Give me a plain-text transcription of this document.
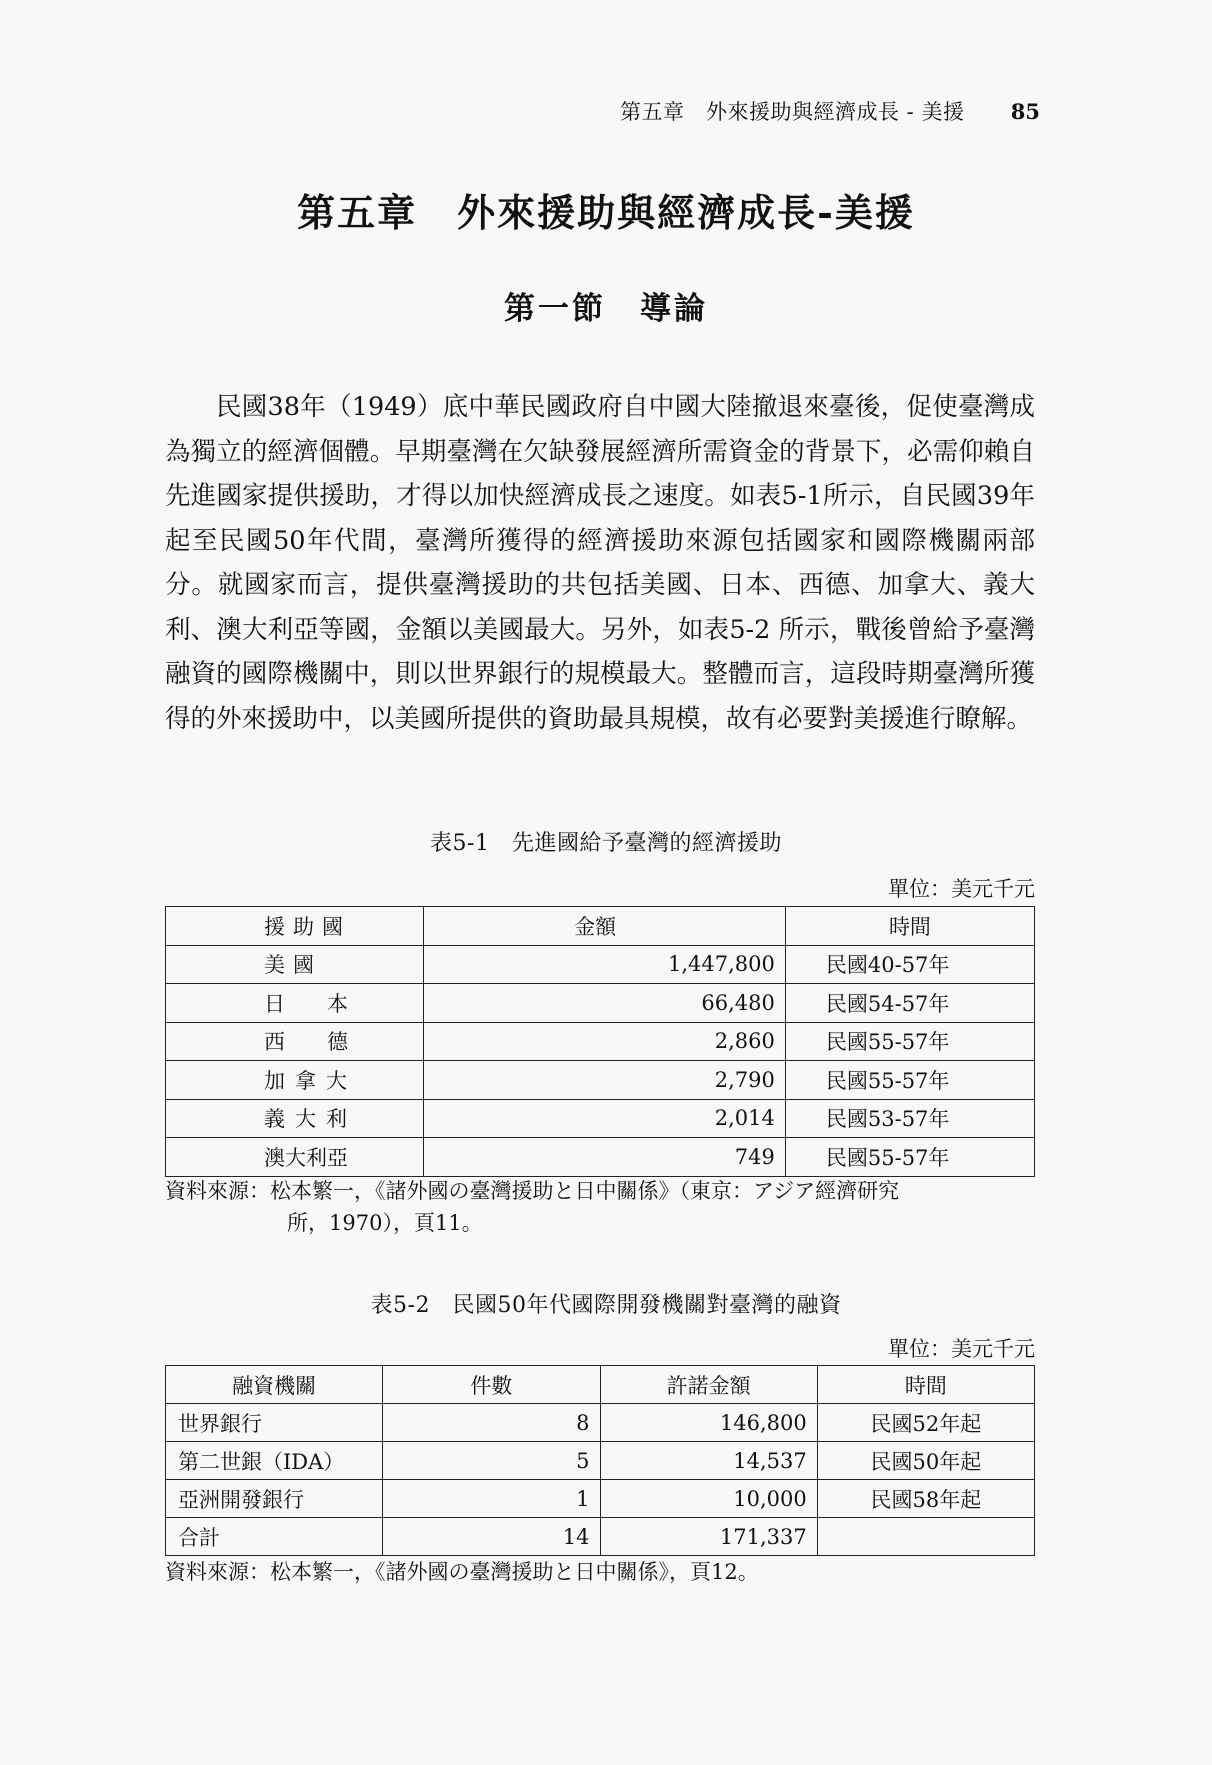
第五章　外來援助與經濟成長 - 美援 85
第五章　外來援助與經濟成長-美援
第一節　導論
民國38年（1949）底中華民國政府自中國大陸撤退來臺後，促使臺灣成為獨立的經濟個體。早期臺灣在欠缺發展經濟所需資金的背景下，必需仰賴自先進國家提供援助，才得以加快經濟成長之速度。如表5-1所示，自民國39年起至民國50年代間，臺灣所獲得的經濟援助來源包括國家和國際機關兩部分。就國家而言，提供臺灣援助的共包括美國、日本、西德、加拿大、義大利、澳大利亞等國，金額以美國最大。另外，如表5-2 所示，戰後曾給予臺灣融資的國際機關中，則以世界銀行的規模最大。整體而言，這段時期臺灣所獲得的外來援助中，以美國所提供的資助最具規模，故有必要對美援進行瞭解。
表5-1　先進國給予臺灣的經濟援助
單位：美元千元
援助國	金額	時間
美國	1,447,800	民國40-57年
日本	66,480	民國54-57年
西德	2,860	民國55-57年
加拿大	2,790	民國55-57年
義大利	2,014	民國53-57年
澳大利亞	749	民國55-57年
資料來源：松本繁一，《諸外國の臺灣援助と日中關係》（東京：アジア經濟研究
所，1970），頁11。
表5-2　民國50年代國際開發機關對臺灣的融資
單位：美元千元
融資機關	件數	許諾金額	時間
世界銀行	8	146,800	民國52年起
第二世銀（IDA）	5	14,537	民國50年起
亞洲開發銀行	1	10,000	民國58年起
合計	14	171,337	
資料來源：松本繁一，《諸外國の臺灣援助と日中關係》，頁12。
